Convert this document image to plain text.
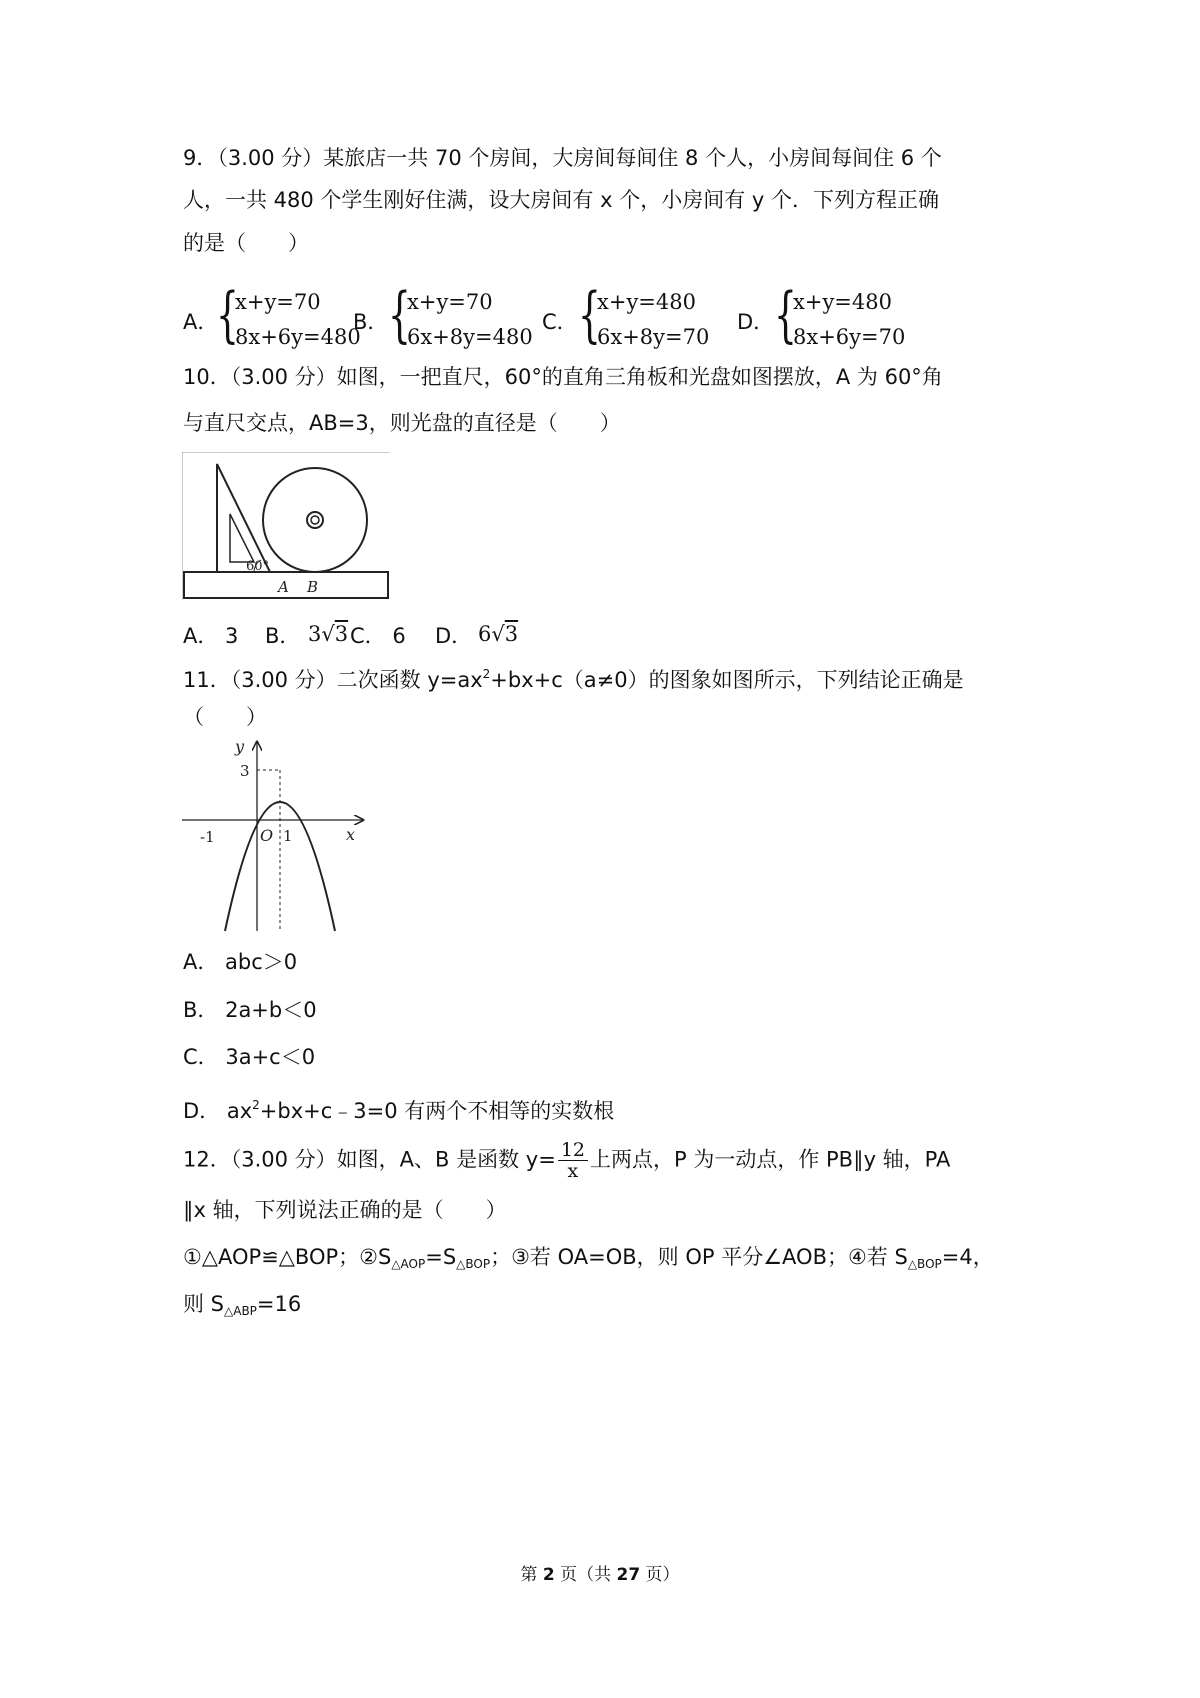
9．（3.00 分）某旅店一共 70 个房间，大房间每间住 8 个人，小房间每间住 6 个
人，一共 480 个学生刚好住满，设大房间有 x 个，小房间有 y 个．下列方程正确
的是（　　）
A．
{
x+y=70
8x+6y=480
B． {
x+y=70
6x+8y=480
C． {
x+y=480
6x+8y=70
D． {
x+y=480
8x+6y=70
10．（3.00 分）如图，一把直尺，60°的直角三角板和光盘如图摆放，A 为 60°角
与直尺交点，AB=3，则光盘的直径是（　　）
60°
A B
A． 3 B． 3√3 C． 6 D． 6√3
11．（3.00 分）二次函数 $y=ax^2+bx+c(a\ne 0)$的图象如图所示，下列结论正确是
（　　）
y
x
3
O
-1	1
A． abc＞0
B． 2a+b＜0
C． 3a+c＜0
D． $ax^2+bx+c﹣3=0$ 有两个不相等的实数根
12．（3.00 分）如图，A、B 是函数 $y= \frac{12}{x}$ 上两点，P 为一动点，作 PB∥y 轴，PA
∥x 轴，下列说法正确的是（　　）
①△AOP≌△BOP；$②S_{\triangle AOP}=S_{\triangle BOP}$；③若 OA=OB，则 OP 平分∠AOB；④若 $S_{\triangle BOP}=4$，
则 $S_{\triangle ABP}=16$
第 2 页（共 27 页）
